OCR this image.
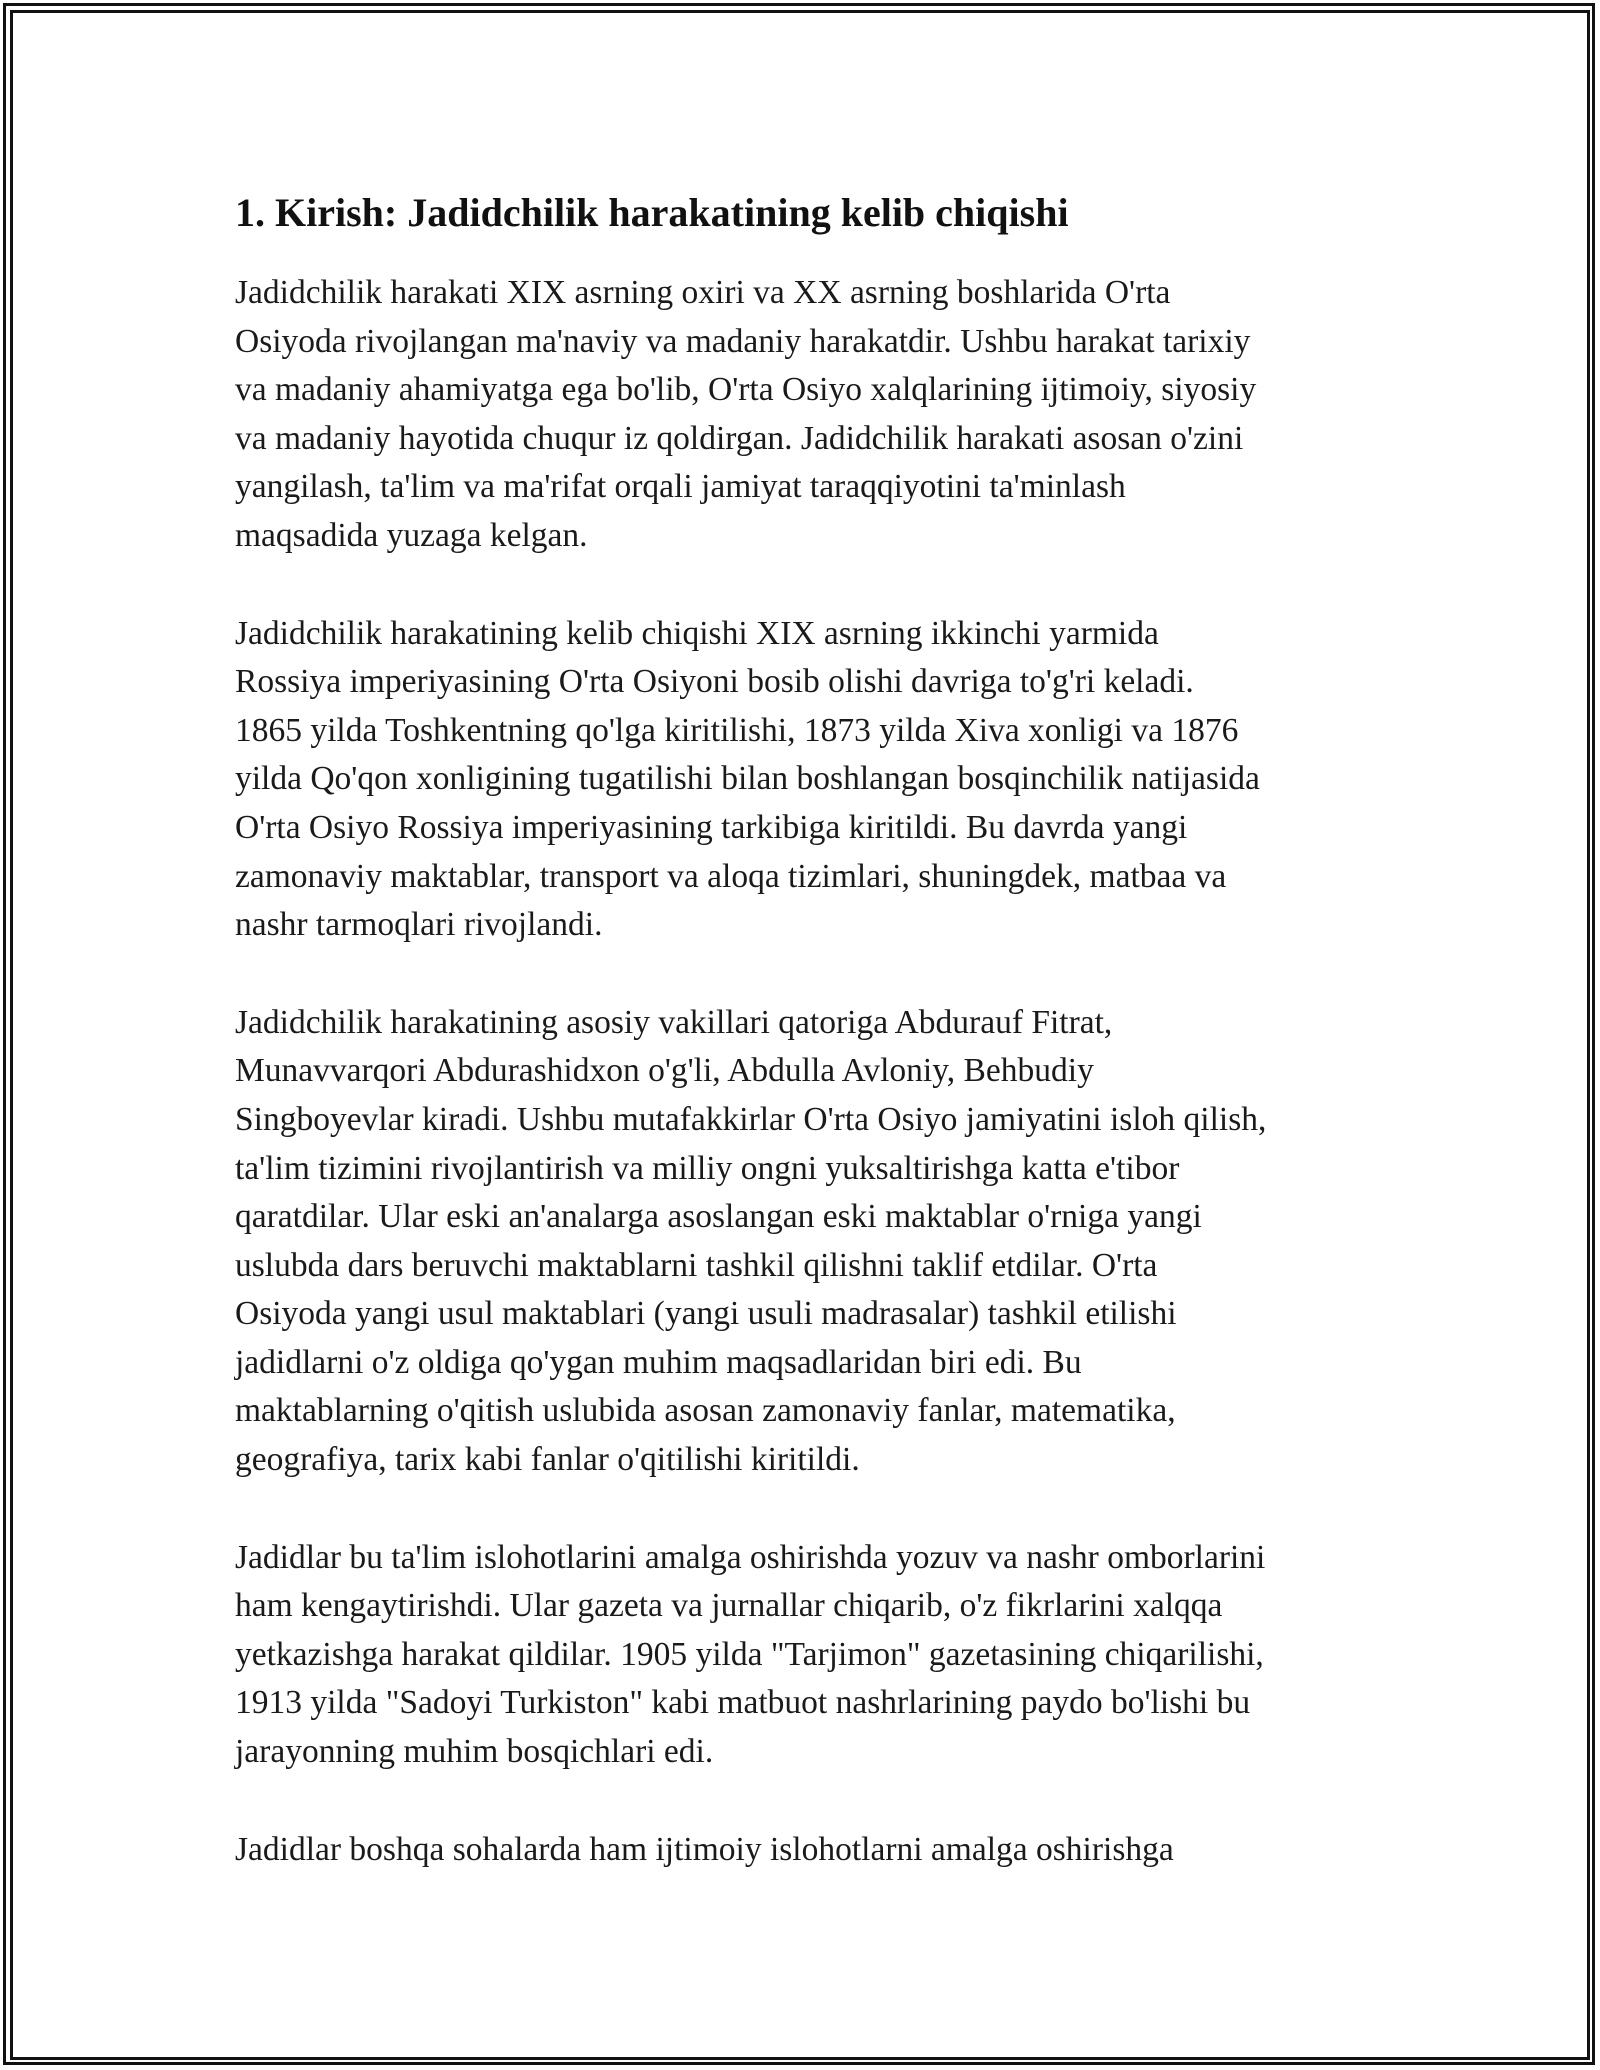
1. Kirish: Jadidchilik harakatining kelib chiqishi

Jadidchilik harakati XIX asrning oxiri va XX asrning boshlarida O'rta
Osiyoda rivojlangan ma'naviy va madaniy harakatdir. Ushbu harakat tarixiy
va madaniy ahamiyatga ega bo'lib, O'rta Osiyo xalqlarining ijtimoiy, siyosiy
va madaniy hayotida chuqur iz qoldirgan. Jadidchilik harakati asosan o'zini
yangilash, ta'lim va ma'rifat orqali jamiyat taraqqiyotini ta'minlash
maqsadida yuzaga kelgan.

Jadidchilik harakatining kelib chiqishi XIX asrning ikkinchi yarmida
Rossiya imperiyasining O'rta Osiyoni bosib olishi davriga to'g'ri keladi.
1865 yilda Toshkentning qo'lga kiritilishi, 1873 yilda Xiva xonligi va 1876
yilda Qo'qon xonligining tugatilishi bilan boshlangan bosqinchilik natijasida
O'rta Osiyo Rossiya imperiyasining tarkibiga kiritildi. Bu davrda yangi
zamonaviy maktablar, transport va aloqa tizimlari, shuningdek, matbaa va
nashr tarmoqlari rivojlandi.

Jadidchilik harakatining asosiy vakillari qatoriga Abdurauf Fitrat,
Munavvarqori Abdurashidxon o'g'li, Abdulla Avloniy, Behbudiy
Singboyevlar kiradi. Ushbu mutafakkirlar O'rta Osiyo jamiyatini isloh qilish,
ta'lim tizimini rivojlantirish va milliy ongni yuksaltirishga katta e'tibor
qaratdilar. Ular eski an'analarga asoslangan eski maktablar o'rniga yangi
uslubda dars beruvchi maktablarni tashkil qilishni taklif etdilar. O'rta
Osiyoda yangi usul maktablari (yangi usuli madrasalar) tashkil etilishi
jadidlarni o'z oldiga qo'ygan muhim maqsadlaridan biri edi. Bu
maktablarning o'qitish uslubida asosan zamonaviy fanlar, matematika,
geografiya, tarix kabi fanlar o'qitilishi kiritildi.

Jadidlar bu ta'lim islohotlarini amalga oshirishda yozuv va nashr omborlarini
ham kengaytirishdi. Ular gazeta va jurnallar chiqarib, o'z fikrlarini xalqqa
yetkazishga harakat qildilar. 1905 yilda "Tarjimon" gazetasining chiqarilishi,
1913 yilda "Sadoyi Turkiston" kabi matbuot nashrlarining paydo bo'lishi bu
jarayonning muhim bosqichlari edi.

Jadidlar boshqa sohalarda ham ijtimoiy islohotlarni amalga oshirishga
